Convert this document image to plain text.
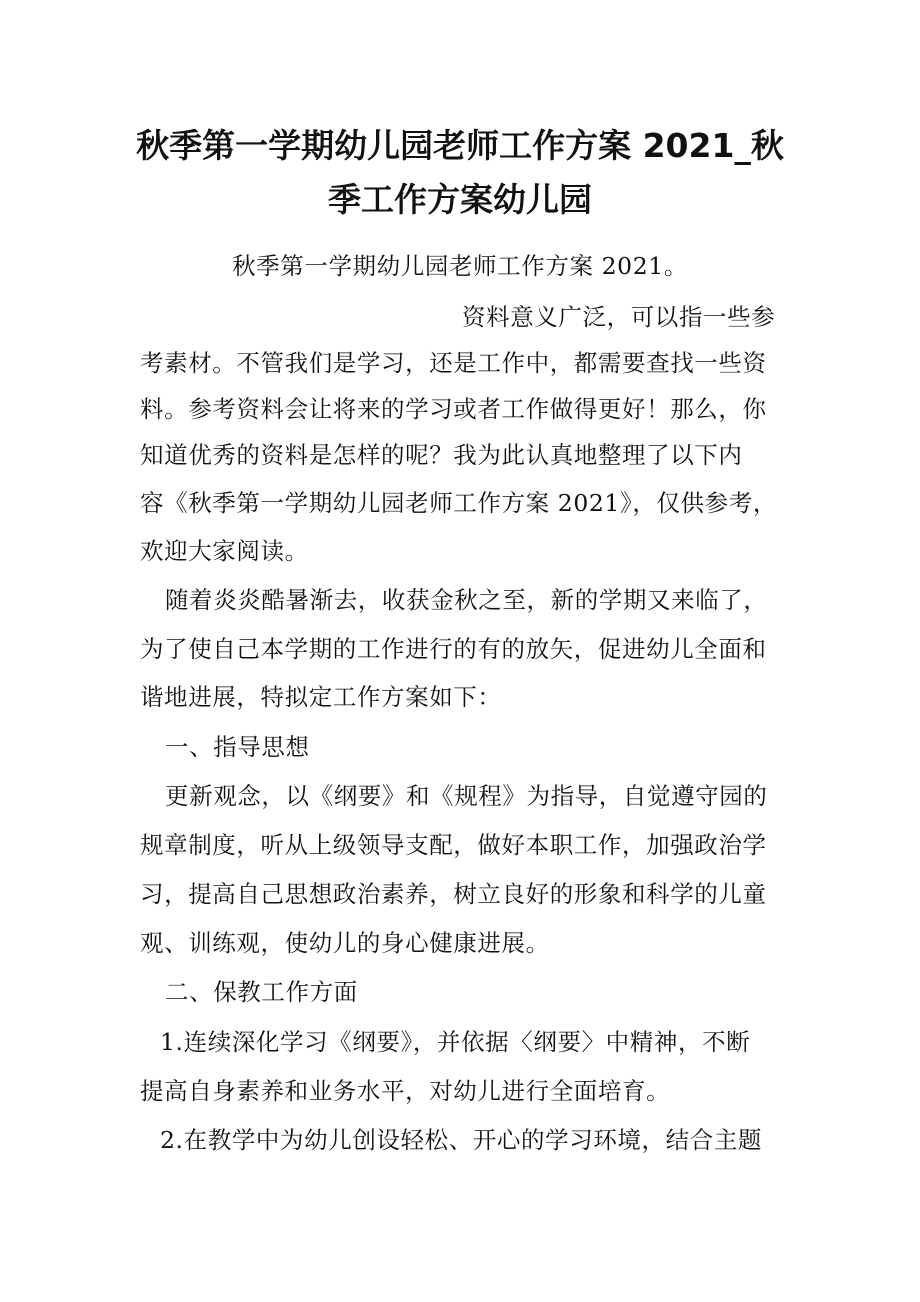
秋季第一学期幼儿园老师工作方案 2021_秋
季工作方案幼儿园
秋季第一学期幼儿园老师工作方案 2021。
资料意义广泛，可以指一些参
考素材。不管我们是学习，还是工作中，都需要查找一些资
料。参考资料会让将来的学习或者工作做得更好！那么，你
知道优秀的资料是怎样的呢？我为此认真地整理了以下内
容《秋季第一学期幼儿园老师工作方案 2021》，仅供参考，
欢迎大家阅读。
随着炎炎酷暑渐去，收获金秋之至，新的学期又来临了，
为了使自己本学期的工作进行的有的放矢，促进幼儿全面和
谐地进展，特拟定工作方案如下：
一、指导思想
更新观念，以《纲要》和《规程》为指导，自觉遵守园的
规章制度，听从上级领导支配，做好本职工作，加强政治学
习，提高自己思想政治素养，树立良好的形象和科学的儿童
观、训练观，使幼儿的身心健康进展。
二、保教工作方面
1.连续深化学习《纲要》，并依据〈纲要〉中精神，不断
提高自身素养和业务水平，对幼儿进行全面培育。
2.在教学中为幼儿创设轻松、开心的学习环境，结合主题
